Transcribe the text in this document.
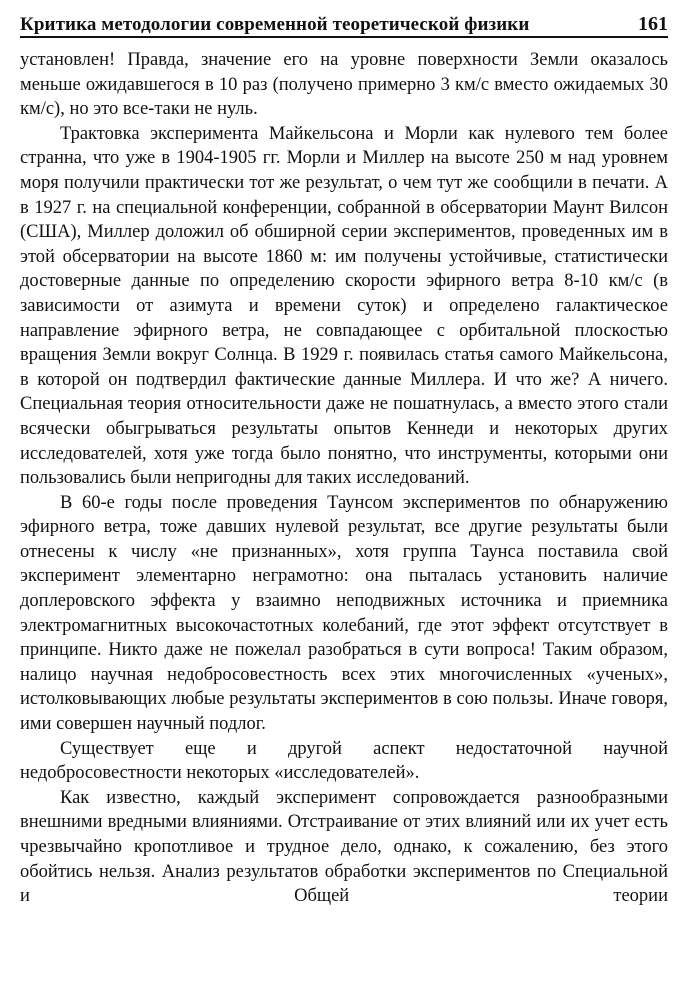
Критика методологии современной теоретической физики	161

установлен! Правда, значение его на уровне поверхности Земли оказалось меньше ожидавшегося в 10 раз (получено примерно 3 км/с вместо ожидаемых 30 км/с), но это все-таки не нуль.

Трактовка эксперимента Майкельсона и Морли как нулевого тем более странна, что уже в 1904-1905 гг. Морли и Миллер на высоте 250 м над уровнем моря получили практически тот же результат, о чем тут же сообщили в печати. А в 1927 г. на специальной конференции, собранной в обсерватории Маунт Вилсон (США), Миллер доложил об обширной серии экспериментов, проведенных им в этой обсерватории на высоте 1860 м: им получены устойчивые, статистически достоверные данные по определению скорости эфирного ветра 8-10 км/с (в зависимости от азимута и времени суток) и определено галактическое направление эфирного ветра, не совпадающее с орбитальной плоскостью вращения Земли вокруг Солнца. В 1929 г. появилась статья самого Майкельсона, в которой он подтвердил фактические данные Миллера. И что же? А ничего. Специальная теория относительности даже не пошатнулась, а вместо этого стали всячески обыгрываться результаты опытов Кеннеди и некоторых других исследователей, хотя уже тогда было понятно, что инструменты, которыми они пользовались были непригодны для таких исследований.

В 60-е годы после проведения Таунсом экспериментов по обнаружению эфирного ветра, тоже давших нулевой результат, все другие результаты были отнесены к числу «не признанных», хотя группа Таунса поставила свой эксперимент элементарно неграмотно: она пыталась установить наличие доплеровского эффекта у взаимно неподвижных источника и приемника электромагнитных высокочастотных колебаний, где этот эффект отсутствует в принципе. Никто даже не пожелал разобраться в сути вопроса! Таким образом, налицо научная недобросовестность всех этих многочисленных «ученых», истолковывающих любые результаты экспериментов в сою пользы. Иначе говоря, ими совершен научный подлог.

Существует еще и другой аспект недостаточной научной недобросовестности некоторых «исследователей».

Как известно, каждый эксперимент сопровождается разнообразными внешними вредными влияниями. Отстраивание от этих влияний или их учет есть чрезвычайно кропотливое и трудное дело, однако, к сожалению, без этого обойтись нельзя. Анализ результатов обработки экспериментов по Специальной и Общей теории
